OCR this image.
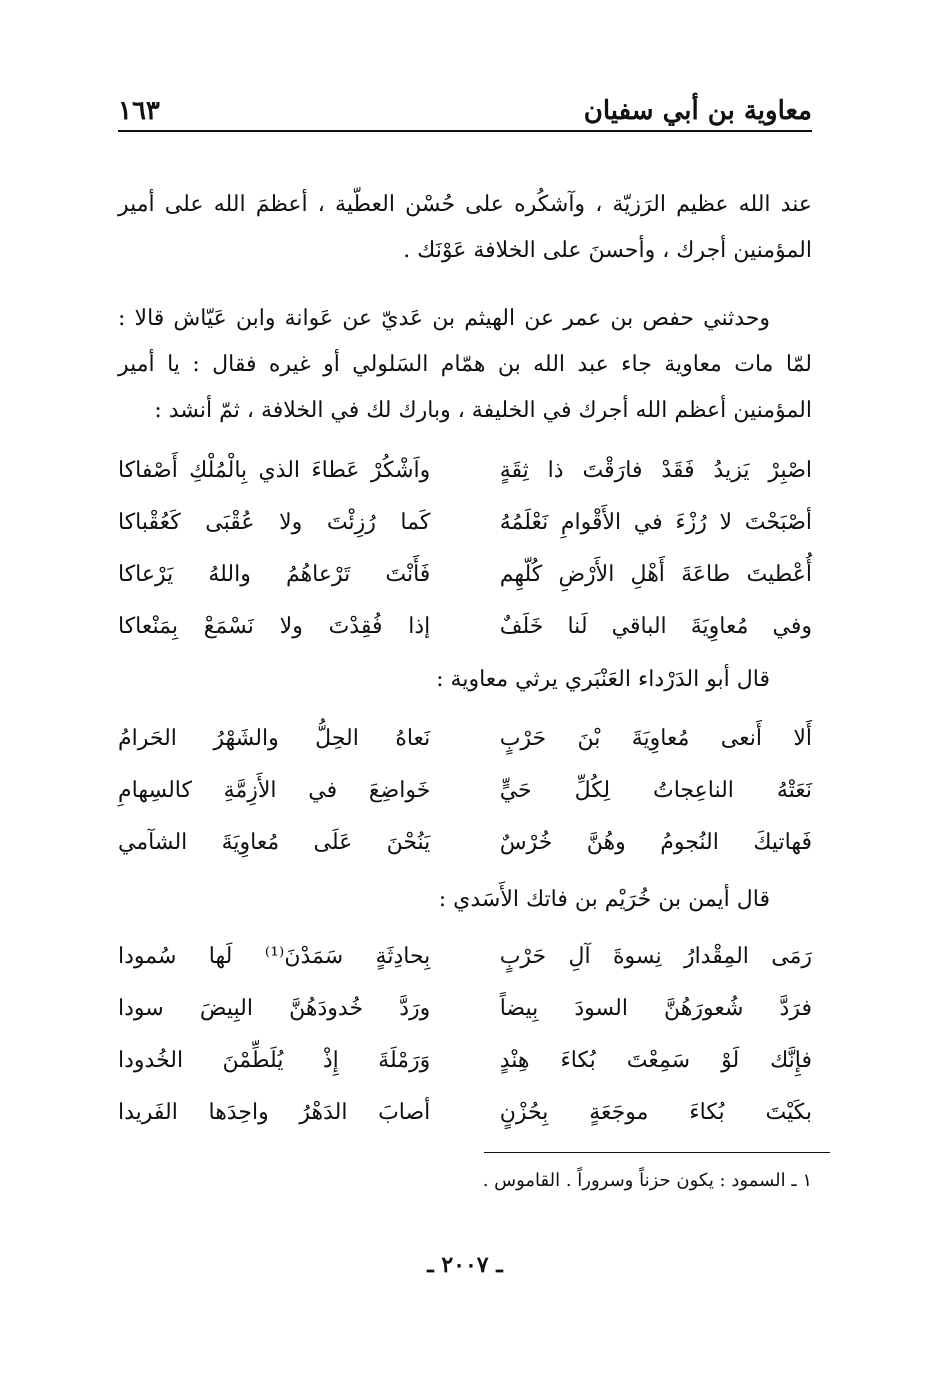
معاوية بن أبي سفيان
١٦٣

عند الله عظيم الرَزيّة ، وآشكُره على حُسْن العطّية ، أعظمَ الله على أمير المؤمنين أجرك ، وأحسنَ على الخلافة عَوْنَك .

وحدثني حفص بن عمر عن الهيثم بن عَديّ عن عَوانة وابن عَيّاش قالا : لمّا مات معاوية جاء عبد الله بن همّام السَلولي أو غيره فقال : يا أمير المؤمنين أعظم الله أجرك في الخليفة ، وبارك لك في الخلافة ، ثمّ أنشد :

اصْبِرْ يَزيدُ فَقَدْ فارَقْتَ ذا ثِقَةٍ
واَشْكُرْ عَطاءَ الذي بِالْمُلْكِ أَصْفاكا
أصْبَحْتَ لا رُزْءَ في الأَقْوامِ نَعْلَمُهُ
كَما رُزِئْتَ ولا عُقْبَى كَعُقْباكا
أُعْطيتَ طاعَةَ أَهْلِ الأَرْضِ كُلّهِم
فَأَنْتَ تَرْعاهُمُ واللهُ يَرْعاكا
وفي مُعاوِيَةَ الباقي لَنا خَلَفٌ
إذا فُقِدْتَ ولا نَسْمَعْ بِمَنْعاكا
قال أبو الدَرْداء العَنْبَري يرثي معاوية :
أَلا أَنعى مُعاوِيَةَ بْنَ حَرْبٍ
نَعاهُ الحِلُّ والشَهْرُ الحَرامُ
نَعَتْهُ الناعِجاتُ لِكُلِّ حَيٍّ
خَواضِعَ في الأَزِمَّةِ كالسِهامِ
فَهاتيكَ النُجومُ وهُنَّ خُرْسٌ
يَنُحْنَ عَلَى مُعاوِيَةَ الشآمي
قال أيمن بن خُرَيْم بن فاتك الأَسَدي :
رَمَى المِقْدارُ نِسوةَ آلِ حَرْبٍ
بِحادِثَةٍ سَمَدْنَ⁽¹⁾ لَها سُمودا
فرَدَّ شُعورَهُنَّ السودَ بِيضاً
ورَدَّ خُدودَهُنَّ البِيضَ سودا
فإِنَّك لَوْ سَمِعْتَ بُكاءَ هِنْدٍ
وَرَمْلَةَ إِذْ يُلَطِّمْنَ الخُدودا
بكَيْتَ بُكاءَ موجَعَةٍ بِحُزْنٍ
أصابَ الدَهْرُ واحِدَها الفَريدا
١ ـ السمود : يكون حزناً وسروراً . القاموس .
ـ ٢٠٠٧ ـ
